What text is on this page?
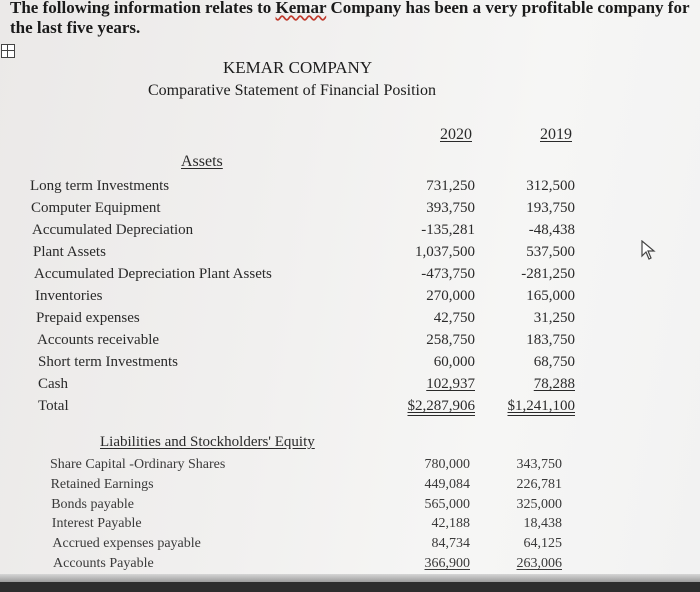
The following information relates to Kemar Company has been a very profitable company for
the last five years.
KEMAR COMPANY
Comparative Statement of Financial Position
2020	2019
Assets
Long term Investments
Computer Equipment
Accumulated Depreciation
Plant Assets
Accumulated Depreciation Plant Assets
Inventories
Prepaid expenses
Accounts receivable
Short term Investments
Cash
Total
731,250
393,750
-135,281
1,037,500
-473,750
270,000
42,750
258,750
60,000
102,937
$2,287,906
312,500
193,750
-48,438
537,500
-281,250
165,000
31,250
183,750
68,750
78,288
$1,241,100
Liabilities and Stockholders' Equity
Share Capital -Ordinary Shares
Retained Earnings
Bonds payable
Interest Payable
Accrued expenses payable
Accounts Payable
780,000
449,084
565,000
42,188
84,734
366,900
343,750
226,781
325,000
18,438
64,125
263,006
